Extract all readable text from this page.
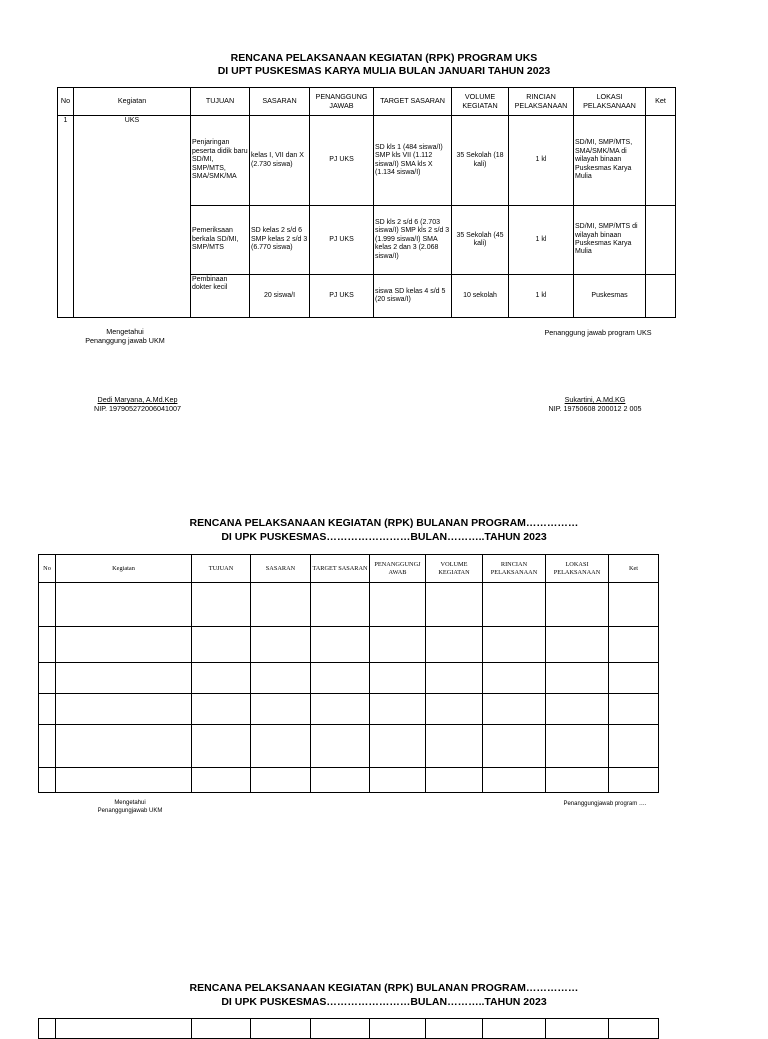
RENCANA PELAKSANAAN KEGIATAN (RPK) PROGRAM UKS
DI UPT PUSKESMAS KARYA MULIA BULAN JANUARI TAHUN 2023
No	Kegiatan	TUJUAN	SASARAN	PENANGGUNG JAWAB	TARGET SASARAN	VOLUME KEGIATAN	RINCIAN PELAKSANAAN	LOKASI PELAKSANAAN	Ket
1	UKS	Penjaringan peserta didik baru SD/MI, SMP/MTS, SMA/SMK/MA	kelas I, VII dan X (2.730 siswa)	PJ UKS	SD kls 1 (484 siswa/I) SMP kls VII (1.112 siswa/I) SMA kls X (1.134 siswa/I)	35 Sekolah (18 kali)	1 kl	SD/MI, SMP/MTS, SMA/SMK/MA di wilayah binaan Puskesmas Karya Mulia	
		Pemeriksaan berkala SD/MI, SMP/MTS	SD kelas 2 s/d 6 SMP kelas 2 s/d 3 (6.770 siswa)	PJ UKS	SD kls 2 s/d 6 (2.703 siswa/I) SMP kls 2 s/d 3 (1.999 siswa/I) SMA kelas 2 dan 3 (2.068 siswa/I)	35 Sekolah (45 kali)	1 kl	SD/MI, SMP/MTS di wilayah binaan Puskesmas Karya Mulia	
		Pembinaan dokter kecil	20 siswa/I	PJ UKS	siswa SD kelas 4 s/d 5 (20 siswa/I)	10 sekolah	1 kl	Puskesmas	
Mengetahui
Penanggung jawab UKM
Dedi Maryana, A.Md.Kep
NIP. 197905272006041007
Penanggung jawab program UKS
Sukartini, A.Md.KG
NIP. 19750608 200012 2 005
RENCANA PELAKSANAAN KEGIATAN (RPK) BULANAN PROGRAM……………
DI UPK PUSKESMAS……………………BULAN………..TAHUN 2023
No	Kegiatan	TUJUAN	SASARAN	TARGET SASARAN	PENANGGUNGJ AWAB	VOLUME KEGIATAN	RINCIAN PELAKSANAAN	LOKASI PELAKSANAAN	Ket

Mengetahui
Penanggungjawab UKM
Penanggungjawab program ….
RENCANA PELAKSANAAN KEGIATAN (RPK) BULANAN PROGRAM……………
DI UPK PUSKESMAS……………………BULAN………..TAHUN 2023
